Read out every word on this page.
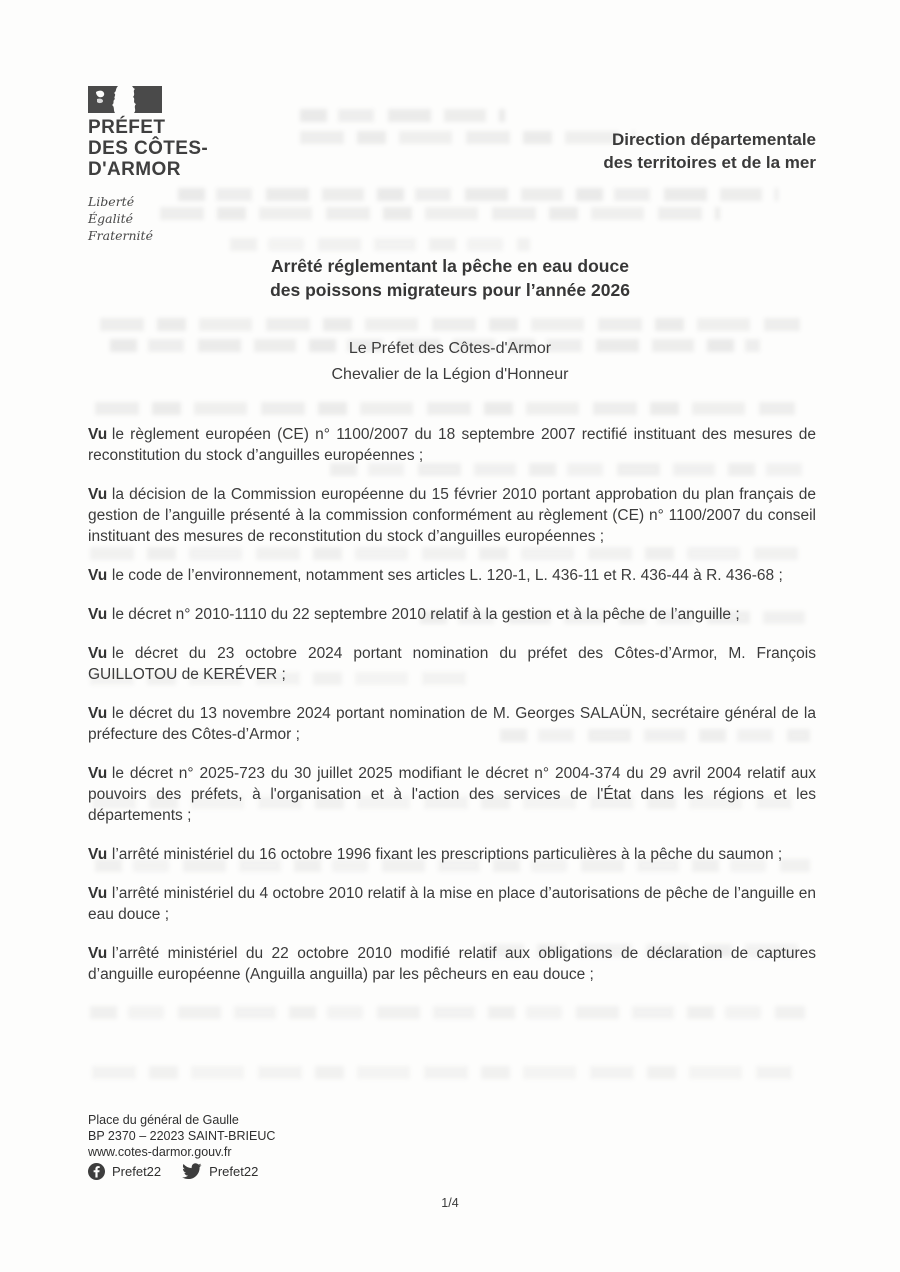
PRÉFET
DES CÔTES-
D'ARMOR
Liberté
Égalité
Fraternité
Direction départementale
des territoires et de la mer
Arrêté réglementant la pêche en eau douce
des poissons migrateurs pour l’année 2026
Le Préfet des Côtes-d'Armor
Chevalier de la Légion d'Honneur

Vu le règlement européen (CE) n° 1100/2007 du 18 septembre 2007 rectifié instituant des mesures de reconstitution du stock d’anguilles européennes ;

Vu la décision de la Commission européenne du 15 février 2010 portant approbation du plan français de gestion de l’anguille présenté à la commission conformément au règlement (CE) n° 1100/2007 du conseil instituant des mesures de reconstitution du stock d’anguilles européennes ;

Vu le code de l’environnement, notamment ses articles L. 120-1, L. 436-11 et R. 436-44 à R. 436-68 ;

Vu le décret n° 2010-1110 du 22 septembre 2010 relatif à la gestion et à la pêche de l’anguille ;

Vu le décret du 23 octobre 2024 portant nomination du préfet des Côtes-d’Armor, M. François GUILLOTOU de KERÉVER ;

Vu le décret du 13 novembre 2024 portant nomination de M. Georges SALAÜN, secrétaire général de la préfecture des Côtes-d’Armor ;

Vu le décret n° 2025-723 du 30 juillet 2025 modifiant le décret n° 2004-374 du 29 avril 2004 relatif aux pouvoirs des préfets, à l'organisation et à l'action des services de l'État dans les régions et les départements ;

Vu l’arrêté ministériel du 16 octobre 1996 fixant les prescriptions particulières à la pêche du saumon ;

Vu l’arrêté ministériel du 4 octobre 2010 relatif à la mise en place d’autorisations de pêche de l’anguille en eau douce ;

Vu l’arrêté ministériel du 22 octobre 2010 modifié relatif aux obligations de déclaration de captures d’anguille européenne (Anguilla anguilla) par les pêcheurs en eau douce ;

Place du général de Gaulle
BP 2370 – 22023 SAINT-BRIEUC
www.cotes-darmor.gouv.fr
Prefet22	Prefet22
1/4
